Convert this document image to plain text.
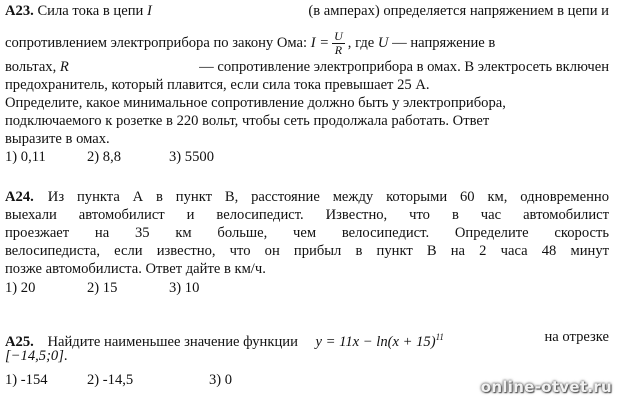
А23. Сила тока в цепи I	(в амперах) определяется напряжением в цепи и
сопротивлением электроприбора по закону Ома: $I = \frac{U}{R}$ , где U — напряжение в
вольтах, R	— сопротивление электроприбора в омах. В электросеть включен
предохранитель, который плавится, если сила тока превышает 25 А.
Определите, какое минимальное сопротивление должно быть у электроприбора,
подключаемого к розетке в 220 вольт, чтобы сеть продолжала работать. Ответ
выразите в омах.
1) 0,11	2) 8,8	3) 5500
А24. Из пункта А в пункт В, расстояние между которыми 60 км, одновременно
выехали автомобилист и велосипедист. Известно, что в час автомобилист
проезжает на 35 км больше, чем велосипедист. Определите скорость
велосипедиста, если известно, что он прибыл в пункт В на 2 часа 48 минут
позже автомобилиста. Ответ дайте в км/ч.
1) 20	2) 15	3) 10
А25. Найдите наименьшее значение функции $y = 11x - \ln(x + 15)^{11}$	на отрезке
[−14,5;0].
1) -154	2) -14,5	3) 0	online-otvet.ru
